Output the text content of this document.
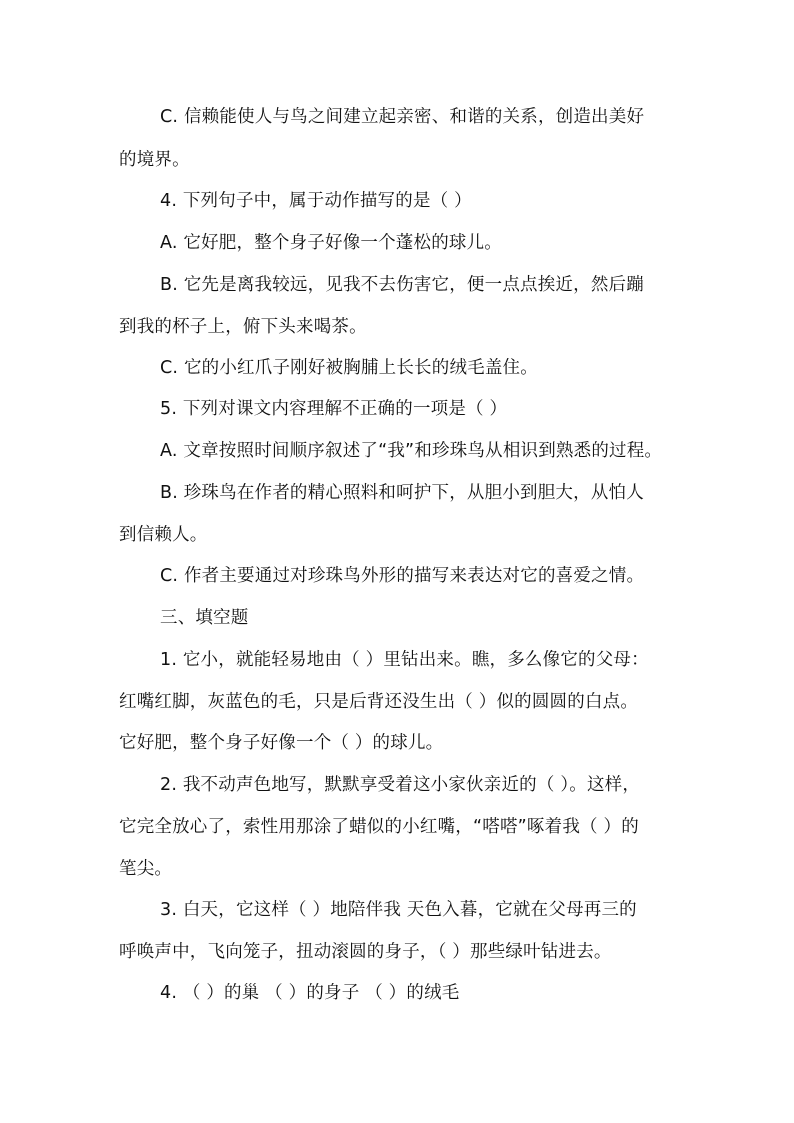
C. 信赖能使人与鸟之间建立起亲密、和谐的关系，创造出美好
的境界。
4. 下列句子中，属于动作描写的是（ ）
A. 它好肥，整个身子好像一个蓬松的球儿。
B. 它先是离我较远，见我不去伤害它，便一点点挨近，然后蹦
到我的杯子上，俯下头来喝茶。
C. 它的小红爪子刚好被胸脯上长长的绒毛盖住。
5. 下列对课文内容理解不正确的一项是（ ）
A. 文章按照时间顺序叙述了“我”和珍珠鸟从相识到熟悉的过程。
B. 珍珠鸟在作者的精心照料和呵护下，从胆小到胆大，从怕人
到信赖人。
C. 作者主要通过对珍珠鸟外形的描写来表达对它的喜爱之情。
三、填空题
1. 它小，就能轻易地由（ ）里钻出来。瞧，多么像它的父母：
红嘴红脚，灰蓝色的毛，只是后背还没生出（ ）似的圆圆的白点。
它好肥，整个身子好像一个（ ）的球儿。
2. 我不动声色地写，默默享受着这小家伙亲近的（ ）。这样，
它完全放心了，索性用那涂了蜡似的小红嘴，“嗒嗒”啄着我（ ）的
笔尖。
3. 白天，它这样（ ）地陪伴我 天色入暮，它就在父母再三的
呼唤声中，飞向笼子，扭动滚圆的身子，（ ）那些绿叶钻进去。
4. （ ）的巢 （ ）的身子 （ ）的绒毛
